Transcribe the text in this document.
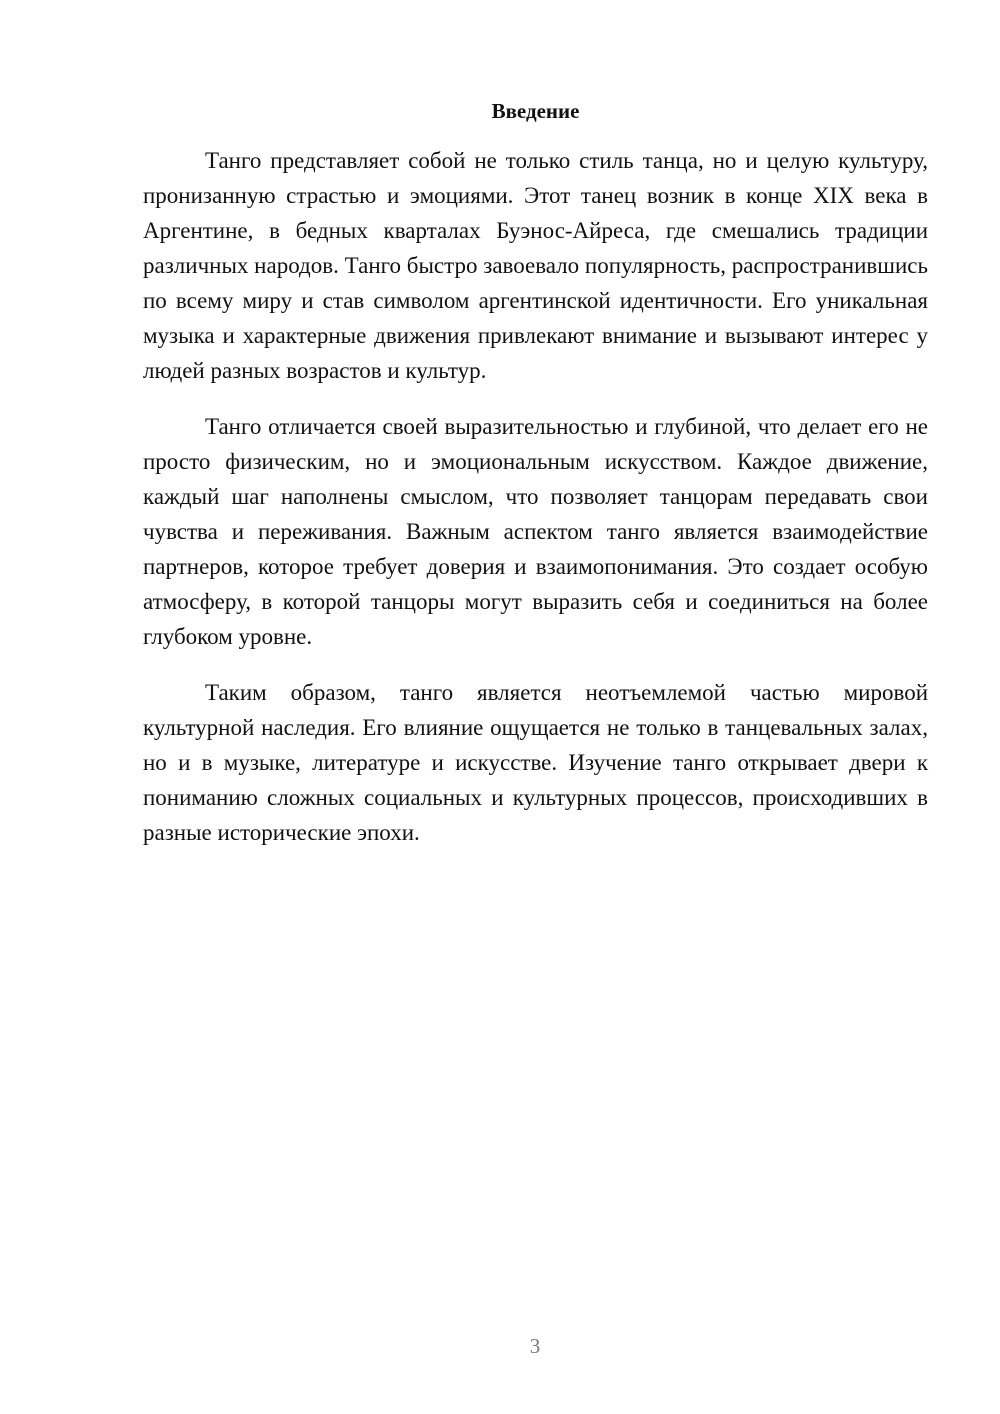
Введение

Танго представляет собой не только стиль танца, но и целую культуру, пронизанную страстью и эмоциями. Этот танец возник в конце XIX века в Аргентине, в бедных кварталах Буэнос-Айреса, где смешались традиции различных народов. Танго быстро завоевало популярность, распространившись по всему миру и став символом аргентинской идентичности. Его уникальная музыка и характерные движения привлекают внимание и вызывают интерес у людей разных возрастов и культур.

Танго отличается своей выразительностью и глубиной, что делает его не просто физическим, но и эмоциональным искусством. Каждое движение, каждый шаг наполнены смыслом, что позволяет танцорам передавать свои чувства и переживания. Важным аспектом танго является взаимодействие партнеров, которое требует доверия и взаимопонимания. Это создает особую атмосферу, в которой танцоры могут выразить себя и соединиться на более глубоком уровне.

Таким образом, танго является неотъемлемой частью мировой культурной наследия. Его влияние ощущается не только в танцевальных залах, но и в музыке, литературе и искусстве. Изучение танго открывает двери к пониманию сложных социальных и культурных процессов, происходивших в разные исторические эпохи.

3
